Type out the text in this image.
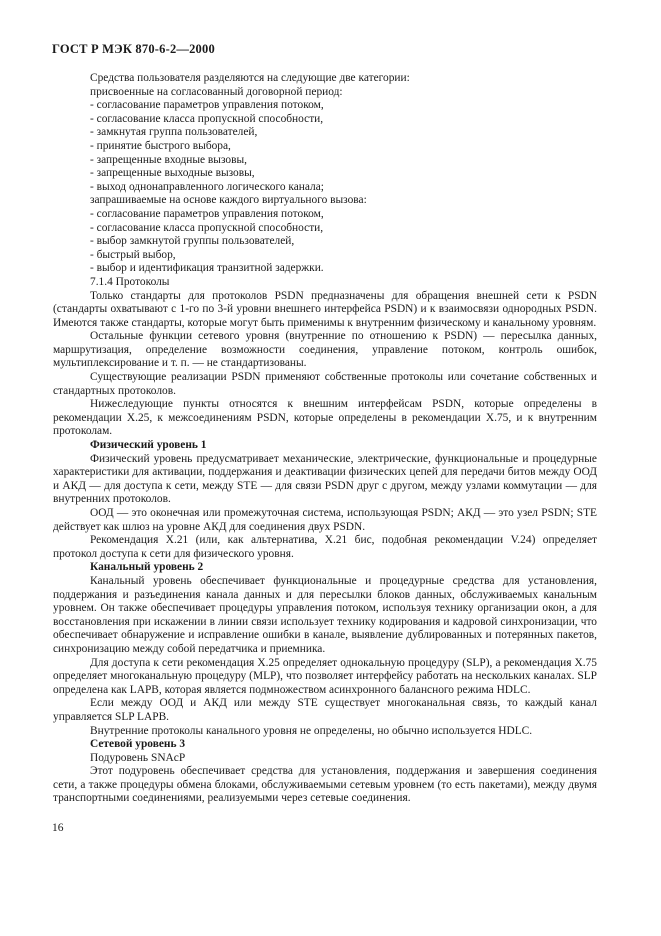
ГОСТ Р МЭК 870-6-2—2000

Средства пользователя разделяются на следующие две категории:

присвоенные на согласованный договорной период:

- согласование параметров управления потоком,

- согласование класса пропускной способности,

- замкнутая группа пользователей,

- принятие быстрого выбора,

- запрещенные входные вызовы,

- запрещенные выходные вызовы,

- выход однонаправленного логического канала;

запрашиваемые на основе каждого виртуального вызова:

- согласование параметров управления потоком,

- согласование класса пропускной способности,

- выбор замкнутой группы пользователей,

- быстрый выбор,

- выбор и идентификация транзитной задержки.

7.1.4 Протоколы

Только стандарты для протоколов PSDN предназначены для обращения внешней сети к PSDN (стандарты охватывают с 1-го по 3-й уровни внешнего интерфейса PSDN) и к взаимосвязи однородных PSDN. Имеются также стандарты, которые могут быть применимы к внутренним физическому и канальному уровням.

Остальные функции сетевого уровня (внутренние по отношению к PSDN) — пересылка данных, маршрутизация, определение возможности соединения, управление потоком, контроль ошибок, мультиплексирование и т. п. — не стандартизованы.

Существующие реализации PSDN применяют собственные протоколы или сочетание собственных и стандартных протоколов.

Нижеследующие пункты относятся к внешним интерфейсам PSDN, которые определены в рекомендации X.25, к межсоединениям PSDN, которые определены в рекомендации X.75, и к внутренним протоколам.

Физический уровень 1

Физический уровень предусматривает механические, электрические, функциональные и процедурные характеристики для активации, поддержания и деактивации физических цепей для передачи битов между ООД и АКД — для доступа к сети, между STE — для связи PSDN друг с другом, между узлами коммутации — для внутренних протоколов.

ООД — это оконечная или промежуточная система, использующая PSDN; АКД — это узел PSDN; STE действует как шлюз на уровне АКД для соединения двух PSDN.

Рекомендация X.21 (или, как альтернатива, X.21 бис, подобная рекомендации V.24) определяет протокол доступа к сети для физического уровня.

Канальный уровень 2

Канальный уровень обеспечивает функциональные и процедурные средства для установления, поддержания и разъединения канала данных и для пересылки блоков данных, обслуживаемых канальным уровнем. Он также обеспечивает процедуры управления потоком, используя технику организации окон, а для восстановления при искажении в линии связи использует технику кодирования и кадровой синхронизации, что обеспечивает обнаружение и исправление ошибки в канале, выявление дублированных и потерянных пакетов, синхронизацию между собой передатчика и приемника.

Для доступа к сети рекомендация X.25 определяет однокальную процедуру (SLP), а рекомендация X.75 определяет многоканальную процедуру (MLP), что позволяет интерфейсу работать на нескольких каналах. SLP определена как LAPB, которая является подмножеством асинхронного балансного режима HDLC.

Если между ООД и АКД или между STE существует многоканальная связь, то каждый канал управляется SLP LAPB.

Внутренние протоколы канального уровня не определены, но обычно используется HDLC.

Сетевой уровень 3

Подуровень SNAcP

Этот подуровень обеспечивает средства для установления, поддержания и завершения соединения сети, а также процедуры обмена блоками, обслуживаемыми сетевым уровнем (то есть пакетами), между двумя транспортными соединениями, реализуемыми через сетевые соединения.

16
